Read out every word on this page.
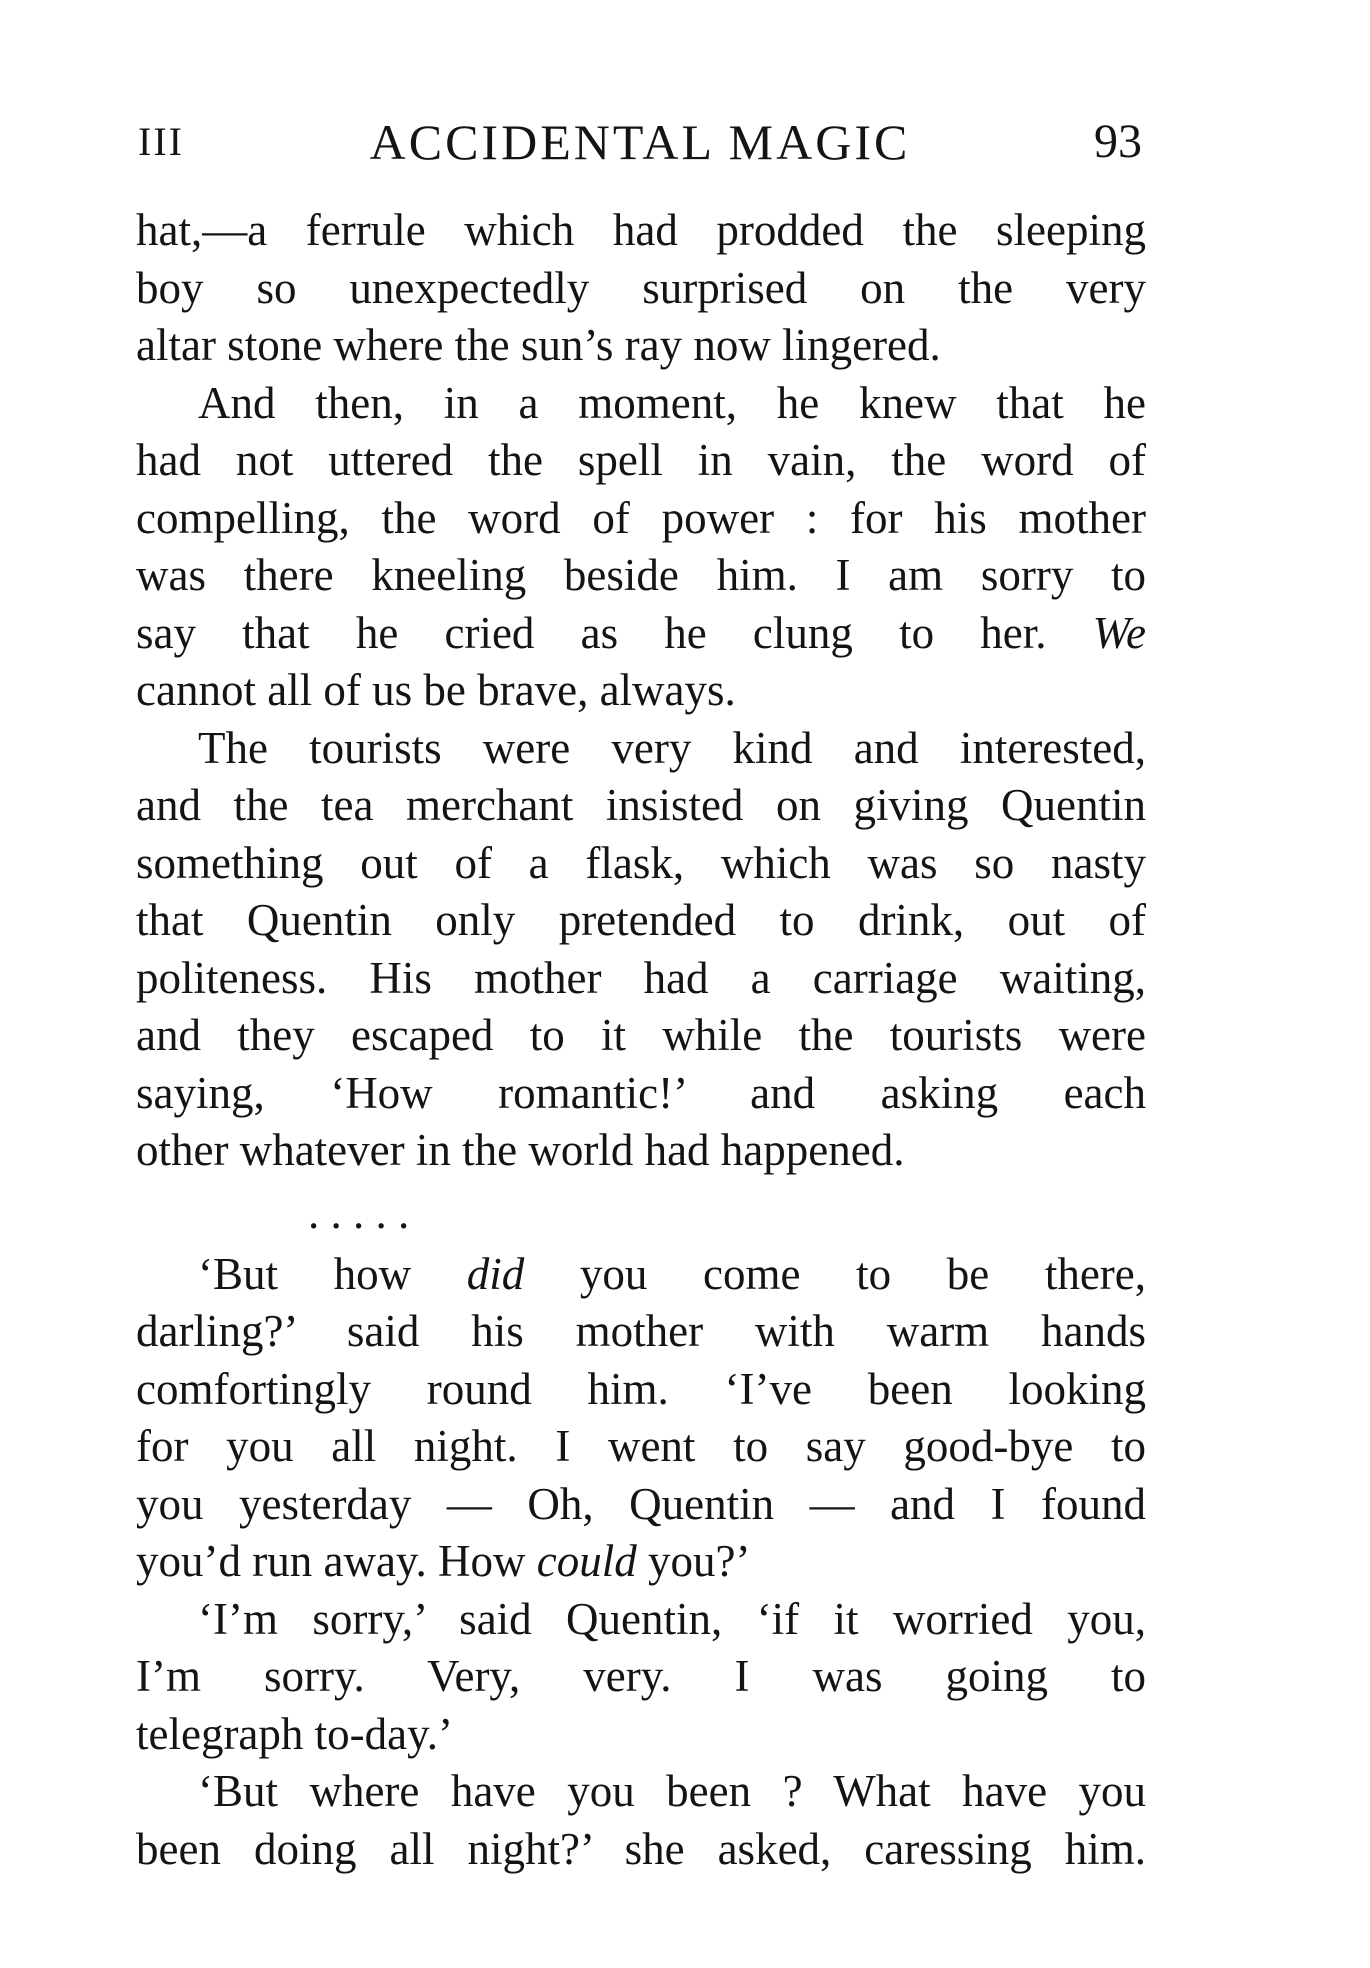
III	ACCIDENTAL MAGIC	93
hat,—a ferrule which had prodded the sleeping
boy so unexpectedly surprised on the very
altar stone where the sun’s ray now lingered.
And then, in a moment, he knew that he
had not uttered the spell in vain, the word of
compelling, the word of power : for his mother
was there kneeling beside him. I am sorry to
say that he cried as he clung to her. We
cannot all of us be brave, always.
The tourists were very kind and interested,
and the tea merchant insisted on giving Quentin
something out of a flask, which was so nasty
that Quentin only pretended to drink, out of
politeness. His mother had a carriage waiting,
and they escaped to it while the tourists were
saying, ‘How romantic!’ and asking each
other whatever in the world had happened.
. . . . .
‘But how did you come to be there,
darling?’ said his mother with warm hands
comfortingly round him. ‘I’ve been looking
for you all night. I went to say good-bye to
you yesterday — Oh, Quentin — and I found
you’d run away. How could you?’
‘I’m sorry,’ said Quentin, ‘if it worried you,
I’m sorry. Very, very. I was going to
telegraph to-day.’
‘But where have you been ? What have you
been doing all night?’ she asked, caressing him.
